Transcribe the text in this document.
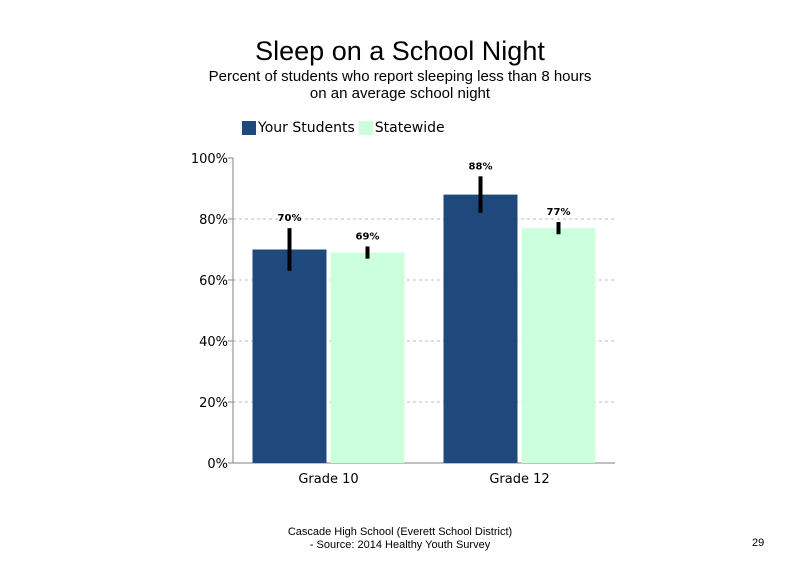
Sleep on a School Night
Percent of students who report sleeping less than 8 hours on an average school night
Your Students Statewide
0%
20%
40%
60%
80%
100%
70%
69%
Grade 10
88%
77%
Grade 12
Cascade High School (Everett School District)
- Source: 2014 Healthy Youth Survey	29
